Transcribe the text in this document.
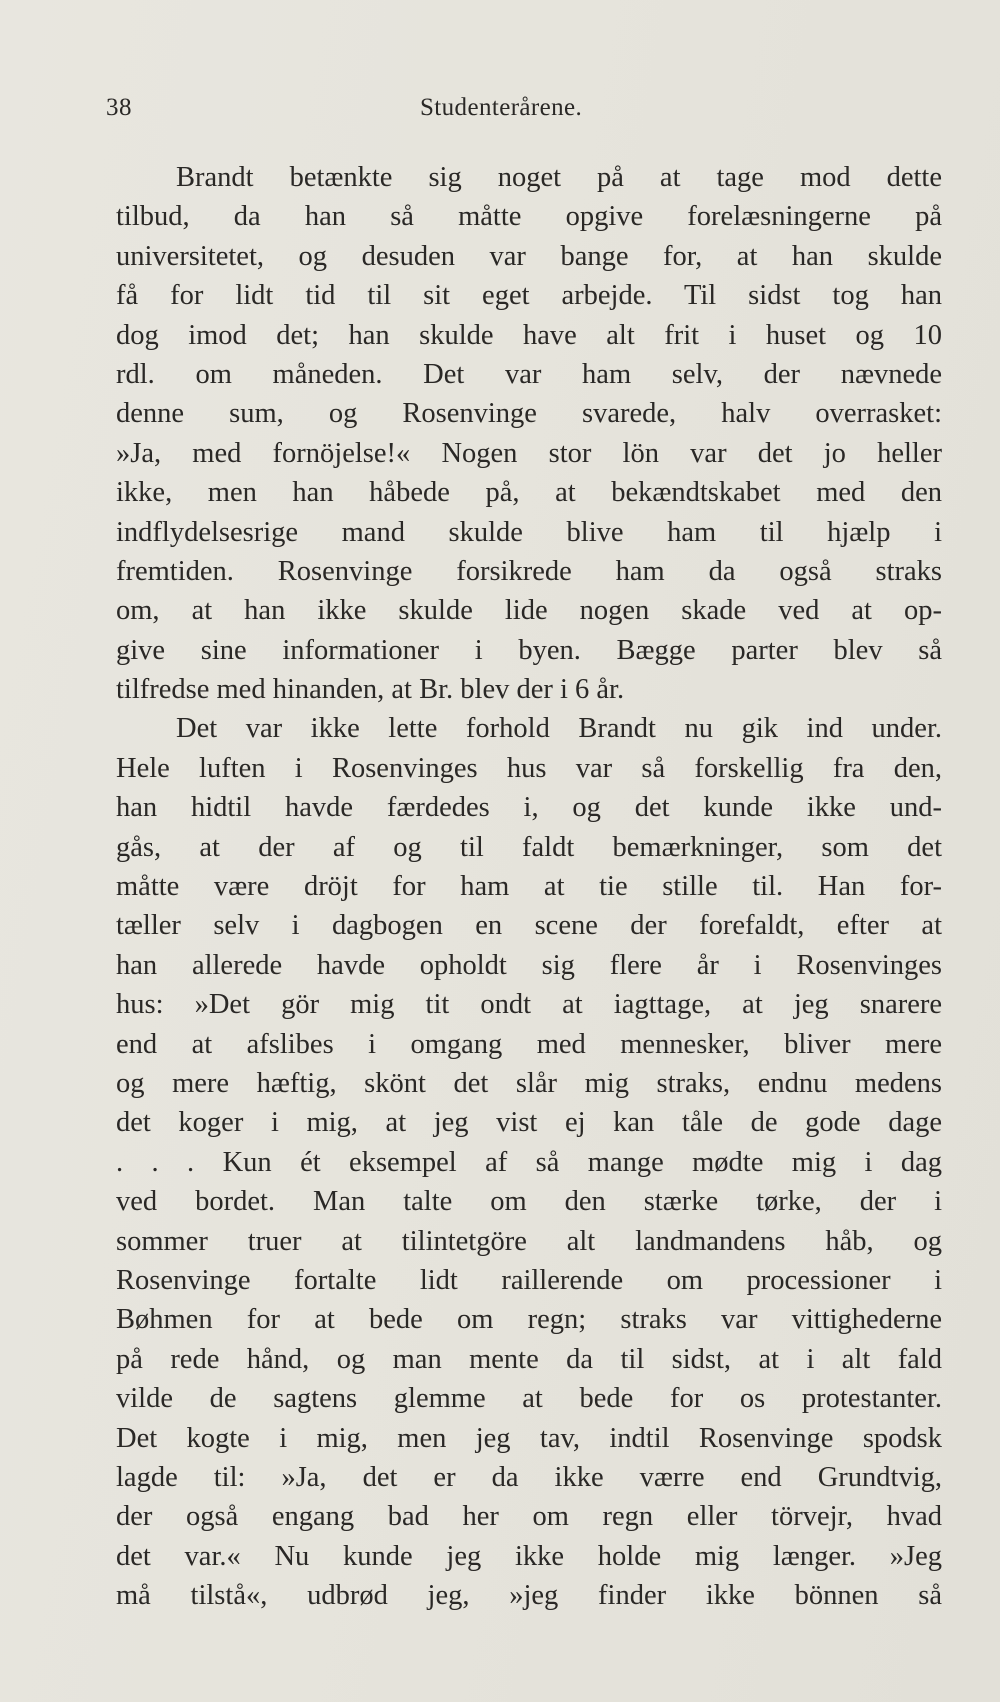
38	Studenterårene.
Brandt betænkte sig noget på at tage mod dette
tilbud, da han så måtte opgive forelæsningerne på
universitetet, og desuden var bange for, at han skulde
få for lidt tid til sit eget arbejde. Til sidst tog han
dog imod det; han skulde have alt frit i huset og 10
rdl. om måneden. Det var ham selv, der nævnede
denne sum, og Rosenvinge svarede, halv overrasket:
»Ja, med fornöjelse!« Nogen stor lön var det jo heller
ikke, men han håbede på, at bekændtskabet med den
indflydelsesrige mand skulde blive ham til hjælp i
fremtiden. Rosenvinge forsikrede ham da også straks
om, at han ikke skulde lide nogen skade ved at op-
give sine informationer i byen. Bægge parter blev så
tilfredse med hinanden, at Br. blev der i 6 år.
Det var ikke lette forhold Brandt nu gik ind under.
Hele luften i Rosenvinges hus var så forskellig fra den,
han hidtil havde færdedes i, og det kunde ikke und-
gås, at der af og til faldt bemærkninger, som det
måtte være dröjt for ham at tie stille til. Han for-
tæller selv i dagbogen en scene der forefaldt, efter at
han allerede havde opholdt sig flere år i Rosenvinges
hus: »Det gör mig tit ondt at iagttage, at jeg snarere
end at afslibes i omgang med mennesker, bliver mere
og mere hæftig, skönt det slår mig straks, endnu medens
det koger i mig, at jeg vist ej kan tåle de gode dage
. . . Kun ét eksempel af så mange mødte mig i dag
ved bordet. Man talte om den stærke tørke, der i
sommer truer at tilintetgöre alt landmandens håb, og
Rosenvinge fortalte lidt raillerende om processioner i
Bøhmen for at bede om regn; straks var vittighederne
på rede hånd, og man mente da til sidst, at i alt fald
vilde de sagtens glemme at bede for os protestanter.
Det kogte i mig, men jeg tav, indtil Rosenvinge spodsk
lagde til: »Ja, det er da ikke værre end Grundtvig,
der også engang bad her om regn eller törvejr, hvad
det var.« Nu kunde jeg ikke holde mig længer. »Jeg
må tilstå«, udbrød jeg, »jeg finder ikke bönnen så
